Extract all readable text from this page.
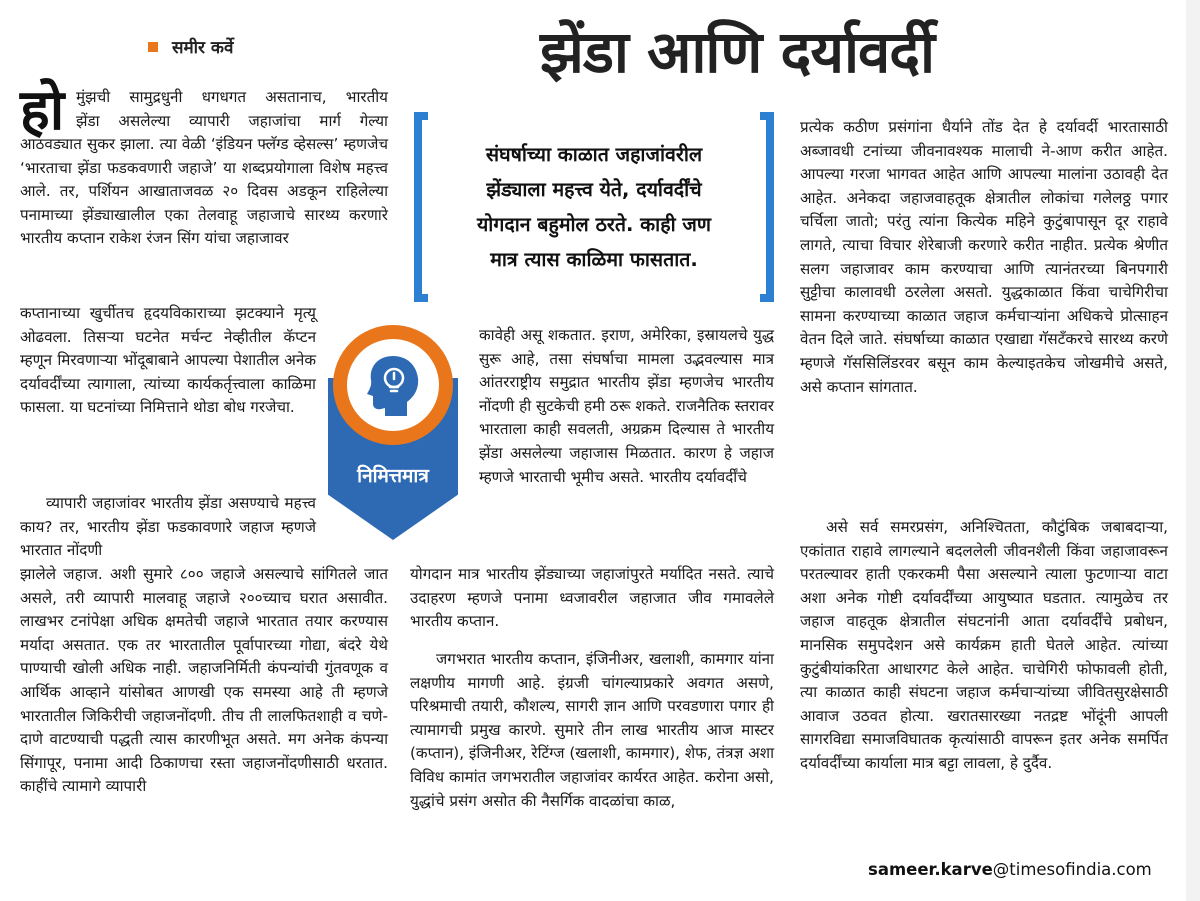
समीर कर्वे	झेंडा आणि दर्यावर्दी
हो मुंझची सामुद्रधुनी धगधगत असतानाच, भारतीय

झेंडा असलेल्या व्यापारी जहाजांचा मार्ग गेल्या

आठवड्यात सुकर झाला. त्या वेळी ‘इंडियन फ्लॅग्ड व्हेसल्स’ म्हणजेच ‘भारताचा झेंडा फडकवणारी जहाजे’ या शब्दप्रयोगाला विशेष महत्त्व आले. तर, पर्शियन आखाताजवळ २० दिवस अडकून राहिलेल्या पनामाच्या झेंड्याखालील एका तेलवाहू जहाजाचे सारथ्य करणारे भारतीय कप्तान राकेश रंजन सिंग यांचा जहाजावर

कप्तानाच्या खुर्चीतच हृदयविकाराच्या झटक्याने मृत्यू ओढवला. तिसऱ्या घटनेत मर्चन्ट नेव्हीतील कॅप्टन म्हणून मिरवणाऱ्या भोंदूबाबाने आपल्या पेशातील अनेक दर्यावर्दींच्या त्यागाला, त्यांच्या कार्यकर्तृत्त्वाला काळिमा फासला. या घटनांच्या निमित्ताने थोडा बोध गरजेचा.

व्यापारी जहाजांवर भारतीय झेंडा असण्याचे महत्त्व काय? तर, भारतीय झेंडा फडकावणारे जहाज म्हणजे भारतात नोंदणी

झालेले जहाज. अशी सुमारे ८०० जहाजे असल्याचे सांगितले जात असले, तरी व्यापारी मालवाहू जहाजे २००च्याच घरात असावीत. लाखभर टनांपेक्षा अधिक क्षमतेची जहाजे भारतात तयार करण्यास मर्यादा असतात. एक तर भारतातील पूर्वापारच्या गोद्या, बंदरे येथे पाण्याची खोली अधिक नाही. जहाजनिर्मिती कंपन्यांची गुंतवणूक व आर्थिक आव्हाने यांसोबत आणखी एक समस्या आहे ती म्हणजे भारतातील जिकिरीची जहाजनोंदणी. तीच ती लालफितशाही व चणे-दाणे वाटण्याची पद्धती त्यास कारणीभूत असते. मग अनेक कंपन्या सिंगापूर, पनामा आदी ठिकाणचा रस्ता जहाजनोंदणीसाठी धरतात. काहींचे त्यामागे व्यापारी

संघर्षाच्या काळात जहाजांवरील
झेंड्याला महत्त्व येते, दर्यावर्दींचे
योगदान बहुमोल ठरते. काही जण
मात्र त्यास काळिमा फासतात.
निमित्तमात्र

कावेही असू शकतात. इराण, अमेरिका, इस्रायलचे युद्ध सुरू आहे, तसा संघर्षाचा मामला उद्भवल्यास मात्र आंतरराष्ट्रीय समुद्रात भारतीय झेंडा म्हणजेच भारतीय नोंदणी ही सुटकेची हमी ठरू शकते. राजनैतिक स्तरावर भारताला काही सवलती, अग्रक्रम दिल्यास ते भारतीय झेंडा असलेल्या जहाजास मिळतात. कारण हे जहाज म्हणजे भारताची भूमीच असते. भारतीय दर्यावर्दींचे

योगदान मात्र भारतीय झेंड्याच्या जहाजांपुरते मर्यादित नसते. त्याचे उदाहरण म्हणजे पनामा ध्वजावरील जहाजात जीव गमावलेले भारतीय कप्तान.

जगभरात भारतीय कप्तान, इंजिनीअर, खलाशी, कामगार यांना लक्षणीय मागणी आहे. इंग्रजी चांगल्याप्रकारे अवगत असणे, परिश्रमाची तयारी, कौशल्य, सागरी ज्ञान आणि परवडणारा पगार ही त्यामागची प्रमुख कारणे. सुमारे तीन लाख भारतीय आज मास्टर (कप्तान), इंजिनीअर, रेटिंग्ज (खलाशी, कामगार), शेफ, तंत्रज्ञ अशा विविध कामांत जगभरातील जहाजांवर कार्यरत आहेत. करोना असो, युद्धांचे प्रसंग असोत की नैसर्गिक वादळांचा काळ,

प्रत्येक कठीण प्रसंगांना धैर्याने तोंड देत हे दर्यावर्दी भारतासाठी अब्जावधी टनांच्या जीवनावश्यक मालाची ने-आण करीत आहेत. आपल्या गरजा भागवत आहेत आणि आपल्या मालांना उठावही देत आहेत. अनेकदा जहाजवाहतूक क्षेत्रातील लोकांचा गलेलठ्ठ पगार चर्चिला जातो; परंतु त्यांना कित्येक महिने कुटुंबापासून दूर राहावे लागते, त्याचा विचार शेरेबाजी करणारे करीत नाहीत. प्रत्येक श्रेणीत सलग जहाजावर काम करण्याचा आणि त्यानंतरच्या बिनपगारी सुट्टीचा कालावधी ठरलेला असतो. युद्धकाळात किंवा चाचेगिरीचा सामना करण्याच्या काळात जहाज कर्मचाऱ्यांना अधिकचे प्रोत्साहन वेतन दिले जाते. संघर्षाच्या काळात एखाद्या गॅसटँकरचे सारथ्य करणे म्हणजे गॅससिलिंडरवर बसून काम केल्याइतकेच जोखमीचे असते, असे कप्तान सांगतात.

असे सर्व समरप्रसंग, अनिश्चितता, कौटुंबिक जबाबदाऱ्या, एकांतात राहावे लागल्याने बदललेली जीवनशैली किंवा जहाजावरून परतल्यावर हाती एकरकमी पैसा असल्याने त्याला फुटणाऱ्या वाटा अशा अनेक गोष्टी दर्यावर्दींच्या आयुष्यात घडतात. त्यामुळेच तर जहाज वाहतूक क्षेत्रातील संघटनांनी आता दर्यावर्दींचे प्रबोधन, मानसिक समुपदेशन असे कार्यक्रम हाती घेतले आहेत. त्यांच्या कुटुंबीयांकरिता आधारगट केले आहेत. चाचेगिरी फोफावली होती, त्या काळात काही संघटना जहाज कर्मचाऱ्यांच्या जीवितसुरक्षेसाठी आवाज उठवत होत्या. खरातसारख्या नतद्रष्ट भोंदूंनी आपली सागरविद्या समाजविघातक कृत्यांसाठी वापरून इतर अनेक समर्पित दर्यावर्दींच्या कार्याला मात्र बट्टा लावला, हे दुर्दैव.

sameer.karve@timesofindia.com
